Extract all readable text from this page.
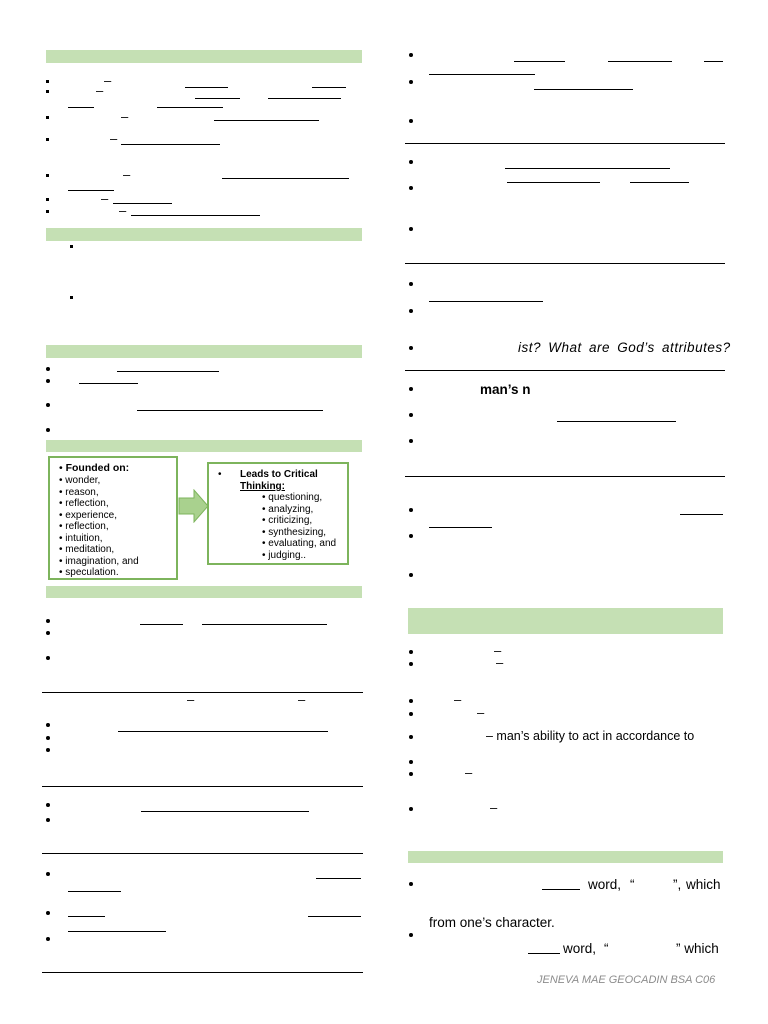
–
–
–
–
–
–
–
• Founded on:
• wonder,
• reason,
• reflection,
• experience,
• reflection,
• intuition,
• meditation,
• imagination, and
• speculation.
• Leads to Critical
Thinking:
• questioning,
• analyzing,
• criticizing,
• synthesizing,
• evaluating, and
• judging..
–	–
ist? What are God’s attributes?
man’s n
–
–
–
–
– man’s ability to act in accordance to
–
–
word, “	”, which
from one’s character.
word, “	” which
JENEVA MAE GEOCADIN BSA C06
